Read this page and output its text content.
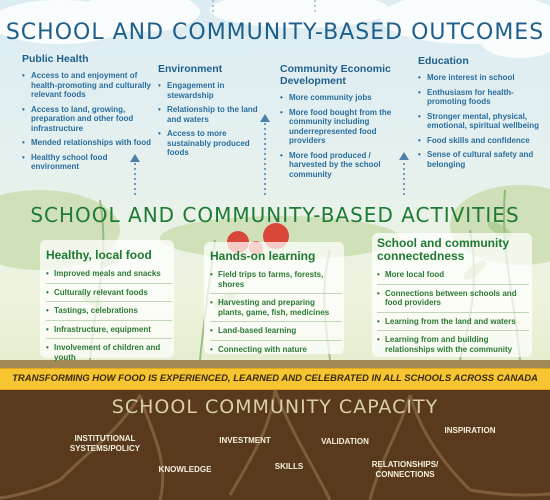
SCHOOL AND COMMUNITY-BASED OUTCOMES
Public Health
• Access to and enjoyment of health-promoting and culturally relevant foods
• Access to land, growing, preparation and other food infrastructure
• Mended relationships with food
• Healthy school food environment
Environment
• Engagement in stewardship
• Relationship to the land and waters
• Access to more sustainably produced foods
Community Economic Development
• More community jobs
• More food bought from the community including underrepresented food providers
• More food produced / harvested by the school community
Education
• More interest in school
• Enthusiasm for health-promoting foods
• Stronger mental, physical, emotional, spiritual wellbeing
• Food skills and confidence
• Sense of cultural safety and belonging
SCHOOL AND COMMUNITY-BASED ACTIVITIES
Healthy, local food
• Improved meals and snacks
• Culturally relevant foods
• Tastings, celebrations
• Infrastructure, equipment
• Involvement of children and youth
Hands-on learning
• Field trips to farms, forests, shores
• Harvesting and preparing plants, game, fish, medicines
• Land-based learning
• Connecting with nature
School and community connectedness
• More local food
• Connections between schools and food providers
• Learning from the land and waters
• Learning from and building relationships with the community
TRANSFORMING HOW FOOD IS EXPERIENCED, LEARNED AND CELEBRATED IN ALL SCHOOLS ACROSS CANADA
SCHOOL COMMUNITY CAPACITY
INSTITUTIONAL SYSTEMS/POLICY
INVESTMENT	VALIDATION
INSPIRATION
KNOWLEDGE	SKILLS	RELATIONSHIPS/ CONNECTIONS
